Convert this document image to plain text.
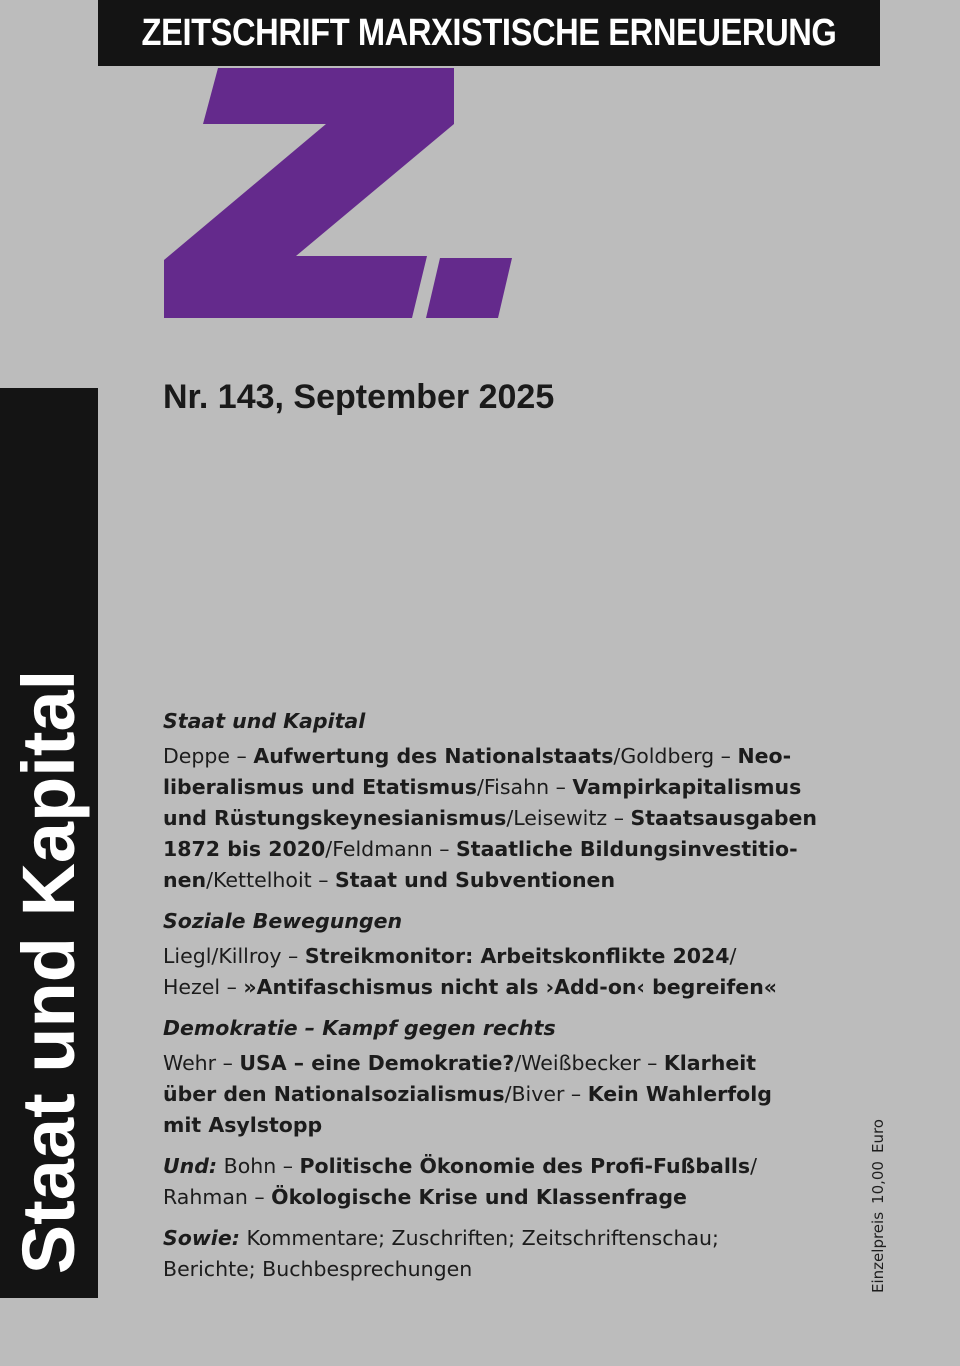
ZEITSCHRIFT MARXISTISCHE ERNEUERUNG
Nr. 143, September 2025
Staat und Kapital	Staat und Kapital
Deppe – Aufwertung des Nationalstaats/Goldberg – Neo-
liberalismus und Etatismus/Fisahn – Vampirkapitalismus
und Rüstungskeynesianismus/Leisewitz – Staatsausgaben
1872 bis 2020/Feldmann – Staatliche Bildungsinvestitio-
nen/Kettelhoit – Staat und Subventionen
Soziale Bewegungen
Liegl/Killroy – Streikmonitor: Arbeitskonflikte 2024/
Hezel – »Antifaschismus nicht als ›Add-on‹ begreifen«
Demokratie – Kampf gegen rechts
Wehr – USA – eine Demokratie?/Weißbecker – Klarheit
über den Nationalsozialismus/Biver – Kein Wahlerfolg
mit Asylstopp
Und: Bohn – Politische Ökonomie des Profi-Fußballs/
Rahman – Ökologische Krise und Klassenfrage
Sowie: Kommentare; Zuschriften; Zeitschriftenschau;
Berichte; Buchbesprechungen	Einzelpreis10,00Euro
